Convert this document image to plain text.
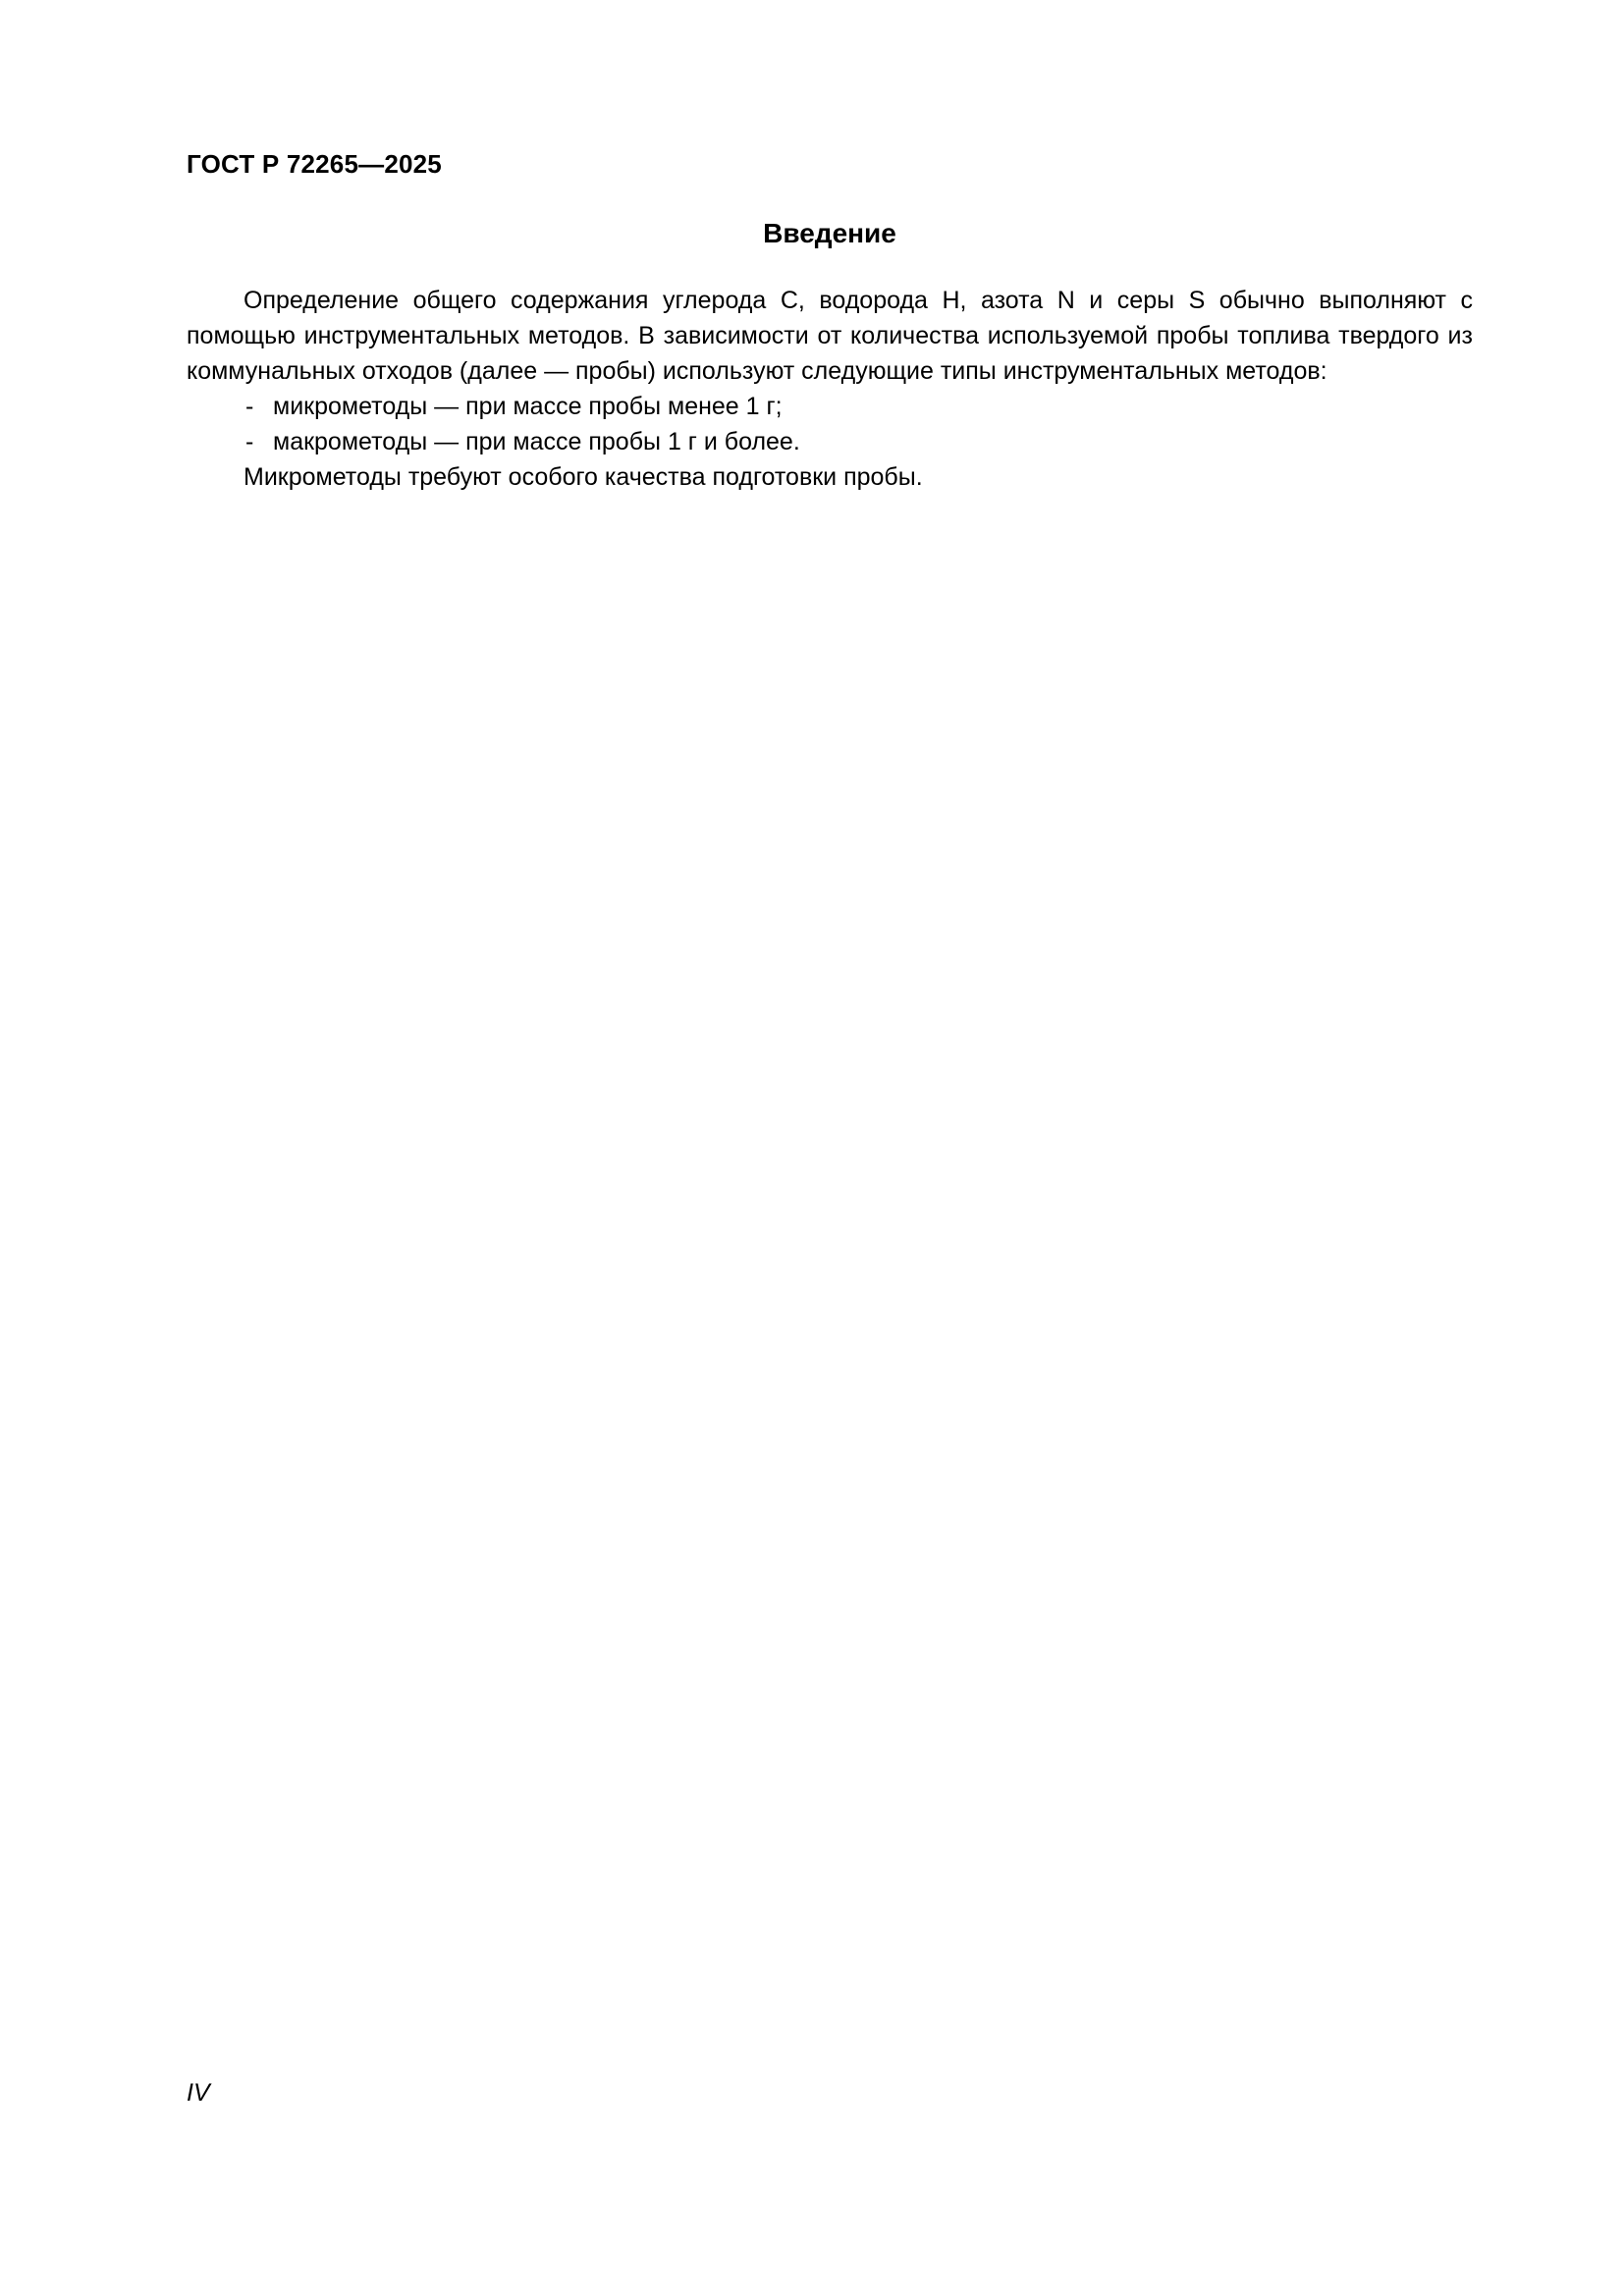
ГОСТ Р 72265—2025
Введение

Определение общего содержания углерода C, водорода H, азота N и серы S обычно выполняют с помощью инструментальных методов. В зависимости от количества используемой пробы топлива твердого из коммунальных отходов (далее — пробы) используют следующие типы инструментальных методов:

- микрометоды — при массе пробы менее 1 г;
- макрометоды — при массе пробы 1 г и более.

Микрометоды требуют особого качества подготовки пробы.

IV
